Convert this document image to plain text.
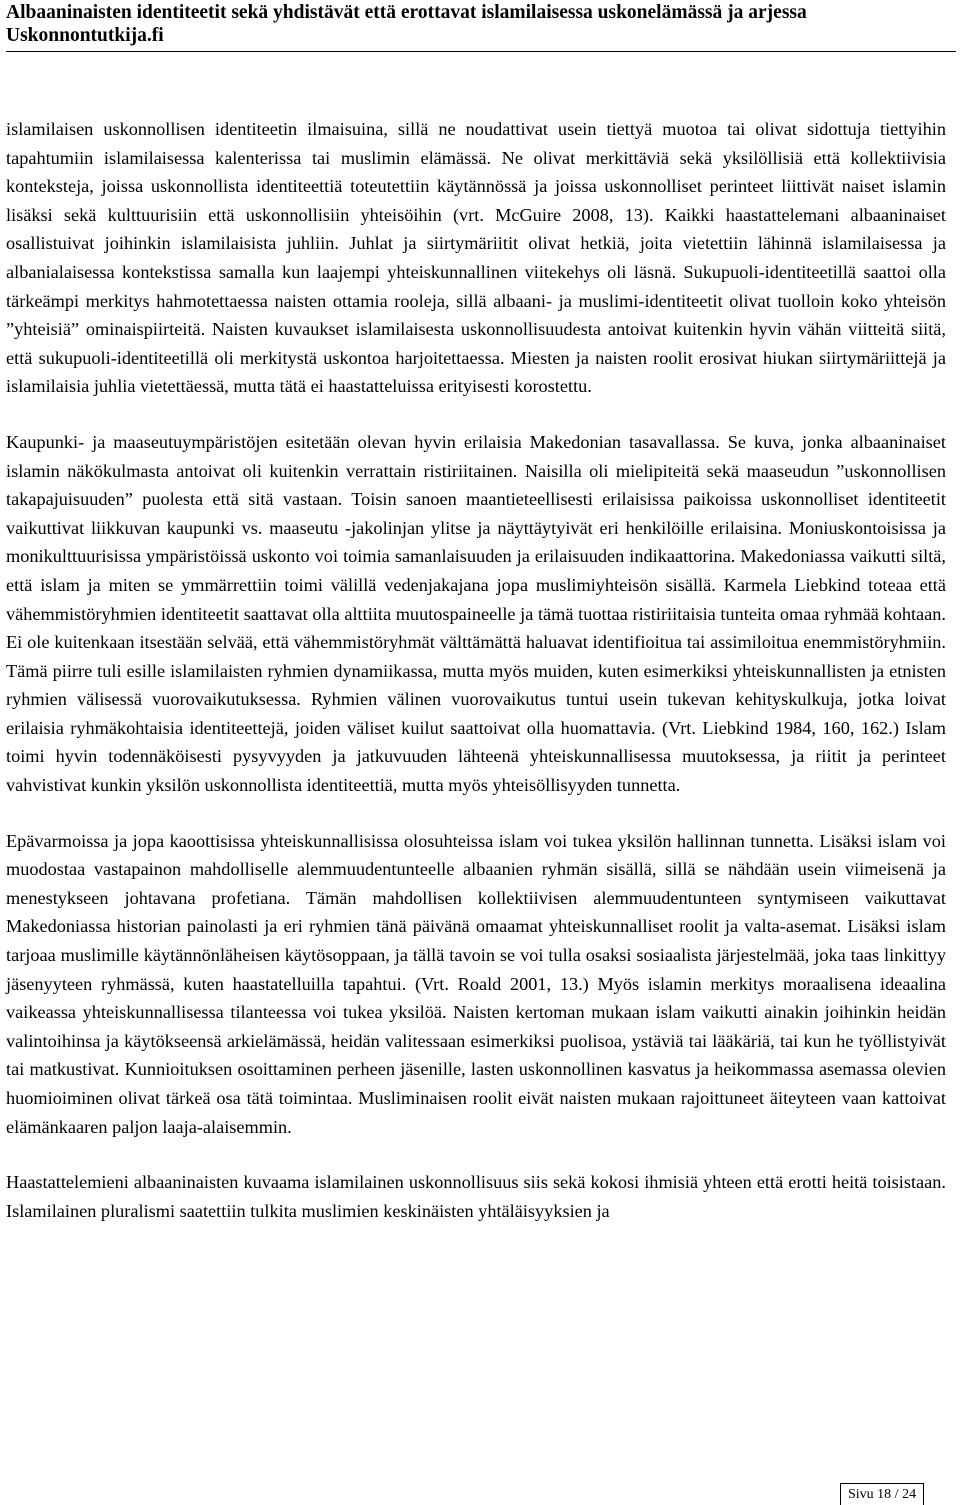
Albaaninaisten identiteetit sekä yhdistävät että erottavat islamilaisessa uskonelämässä ja arjessa
Uskonnontutkija.fi

islamilaisen uskonnollisen identiteetin ilmaisuina, sillä ne noudattivat usein tiettyä muotoa tai olivat sidottuja tiettyihin tapahtumiin islamilaisessa kalenterissa tai muslimin elämässä. Ne olivat merkittäviä sekä yksilöllisiä että kollektiivisia konteksteja, joissa uskonnollista identiteettiä toteutettiin käytännössä ja joissa uskonnolliset perinteet liittivät naiset islamin lisäksi sekä kulttuurisiin että uskonnollisiin yhteisöihin (vrt. McGuire 2008, 13). Kaikki haastattelemani albaaninaiset osallistuivat joihinkin islamilaisista juhliin. Juhlat ja siirtymäriitit olivat hetkiä, joita vietettiin lähinnä islamilaisessa ja albanialaisessa kontekstissa samalla kun laajempi yhteiskunnallinen viitekehys oli läsnä. Sukupuoli-identiteetillä saattoi olla tärkeämpi merkitys hahmotettaessa naisten ottamia rooleja, sillä albaani- ja muslimi-identiteetit olivat tuolloin koko yhteisön ”yhteisiä” ominaispiirteitä. Naisten kuvaukset islamilaisesta uskonnollisuudesta antoivat kuitenkin hyvin vähän viitteitä siitä, että sukupuoli-identiteetillä oli merkitystä uskontoa harjoitettaessa. Miesten ja naisten roolit erosivat hiukan siirtymäriittejä ja islamilaisia juhlia vietettäessä, mutta tätä ei haastatteluissa erityisesti korostettu.

Kaupunki- ja maaseutuympäristöjen esitetään olevan hyvin erilaisia Makedonian tasavallassa. Se kuva, jonka albaaninaiset islamin näkökulmasta antoivat oli kuitenkin verrattain ristiriitainen. Naisilla oli mielipiteitä sekä maaseudun ”uskonnollisen takapajuisuuden” puolesta että sitä vastaan. Toisin sanoen maantieteellisesti erilaisissa paikoissa uskonnolliset identiteetit vaikuttivat liikkuvan kaupunki vs. maaseutu -jakolinjan ylitse ja näyttäytyivät eri henkilöille erilaisina. Moniuskontoisissa ja monikulttuurisissa ympäristöissä uskonto voi toimia samanlaisuuden ja erilaisuuden indikaattorina. Makedoniassa vaikutti siltä, että islam ja miten se ymmärrettiin toimi välillä vedenjakajana jopa muslimiyhteisön sisällä. Karmela Liebkind toteaa että vähemmistöryhmien identiteetit saattavat olla alttiita muutospaineelle ja tämä tuottaa ristiriitaisia tunteita omaa ryhmää kohtaan. Ei ole kuitenkaan itsestään selvää, että vähemmistöryhmät välttämättä haluavat identifioitua tai assimiloitua enemmistöryhmiin. Tämä piirre tuli esille islamilaisten ryhmien dynamiikassa, mutta myös muiden, kuten esimerkiksi yhteiskunnallisten ja etnisten ryhmien välisessä vuorovaikutuksessa. Ryhmien välinen vuorovaikutus tuntui usein tukevan kehityskulkuja, jotka loivat erilaisia ryhmäkohtaisia identiteettejä, joiden väliset kuilut saattoivat olla huomattavia. (Vrt. Liebkind 1984, 160, 162.) Islam toimi hyvin todennäköisesti pysyvyyden ja jatkuvuuden lähteenä yhteiskunnallisessa muutoksessa, ja riitit ja perinteet vahvistivat kunkin yksilön uskonnollista identiteettiä, mutta myös yhteisöllisyyden tunnetta.

Epävarmoissa ja jopa kaoottisissa yhteiskunnallisissa olosuhteissa islam voi tukea yksilön hallinnan tunnetta. Lisäksi islam voi muodostaa vastapainon mahdolliselle alemmuudentunteelle albaanien ryhmän sisällä, sillä se nähdään usein viimeisenä ja menestykseen johtavana profetiana. Tämän mahdollisen kollektiivisen alemmuudentunteen syntymiseen vaikuttavat Makedoniassa historian painolasti ja eri ryhmien tänä päivänä omaamat yhteiskunnalliset roolit ja valta-asemat. Lisäksi islam tarjoaa muslimille käytännönläheisen käytösoppaan, ja tällä tavoin se voi tulla osaksi sosiaalista järjestelmää, joka taas linkittyy jäsenyyteen ryhmässä, kuten haastatelluilla tapahtui. (Vrt. Roald 2001, 13.) Myös islamin merkitys moraalisena ideaalina vaikeassa yhteiskunnallisessa tilanteessa voi tukea yksilöä. Naisten kertoman mukaan islam vaikutti ainakin joihinkin heidän valintoihinsa ja käytökseensä arkielämässä, heidän valitessaan esimerkiksi puolisoa, ystäviä tai lääkäriä, tai kun he työllistyivät tai matkustivat. Kunnioituksen osoittaminen perheen jäsenille, lasten uskonnollinen kasvatus ja heikommassa asemassa olevien huomioiminen olivat tärkeä osa tätä toimintaa. Musliminaisen roolit eivät naisten mukaan rajoittuneet äiteyteen vaan kattoivat elämänkaaren paljon laaja-alaisemmin.

Haastattelemieni albaaninaisten kuvaama islamilainen uskonnollisuus siis sekä kokosi ihmisiä yhteen että erotti heitä toisistaan. Islamilainen pluralismi saatettiin tulkita muslimien keskinäisten yhtäläisyyksien ja

Sivu 18 / 24
